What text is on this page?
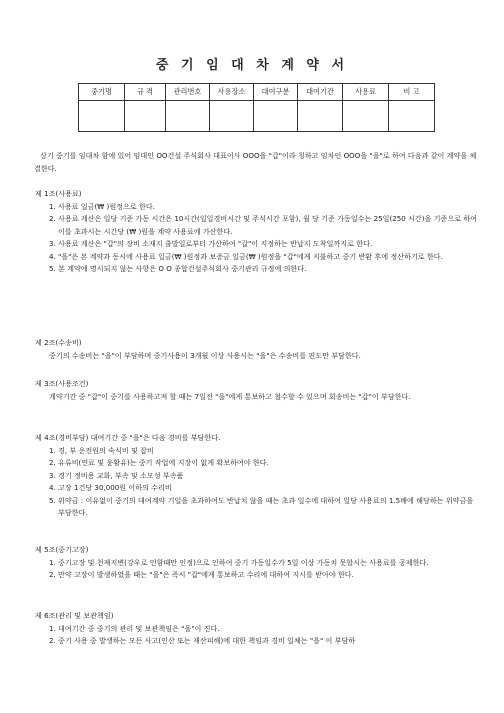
중 기 임 대 차 계 약 서
중기명	규 격	관리번호	사용장소	대여구분	대여기간	사용료	비 고

상기 중기를 임대차 함에 있어 임대인 OO건설 주식회사 대표이사 OOO을 "갑"이라 칭하고 임차인 OOO을 "을"로 하여 다음과 같이 계약을 체결한다.

제 1조(사용료)

1. 사용료 일금(₩ )원정으로 한다.
2. 사용료 계산은 일당 기준 가동 시간은 10시간(일일경비시간 및 주식시간 포함), 월 당 기준 가동일수는 25일(250 시간)을 기준으로 하여 이를 초과시는 시간당 (₩ )원을 계약 사용료에 가산한다.
3. 사용료 계산은 "갑"의 장비 소재지 출발일로부터 가산하여 "갑"이 지정하는 반납지 도착일까지로 한다.
4. "을"은 본 계약과 동시에 사용료 일금(₩ )원정과 보증금 일금(₩ )원정을 "갑"에게 지불하고 중기 반환 후에 정산하기로 한다.
5. 본 계약에 명시되지 않는 사항은 O O 종합건설주식회사 중기관리 규정에 의한다.

제 2조(수송비)

중기의 수송비는 "을"이 부담하며 중기사용이 3개월 이상 사용시는 "을"은 수송비를 편도만 부담한다.

제 3조(사용조건)

계약기간 중 "갑"이 중기를 사용하고져 할 때는 7일전 "을"에게 통보하고 철수할 수 있으며 회송비는 "갑"이 부담한다.

제 4조(경비부담) 대여기간 중 "을"은 다음 경비를 부담한다.

1. 경, 부 운전원의 숙식비 및 잡비
2. 유류비(연료 및 윤활유)는 중기 작업에 지장이 없게 확보하여야 한다.
3. 경기 정비용 교화, 부속 및 소모성 부속품
4. 고장 1건당 30,000원 이하의 수리비
5. 위약금 : 이유없이 중기의 대여계약 기일을 초과하여도 반납치 않을 때는 초과 일수에 대하여 일당 사용료의 1.5배에 해당하는 위약금을 부담한다.

제 5조(중기고장)

1. 중기고장 및 천재지변(강우로 인함때만 인정)으로 인하여 중기 가동일수가 5일 이상 가동치 못할시는 사용료를 공제한다.
2. 만약 고장이 발생하였을 때는 "을"은 즉시 "갑"에게 통보하고 수리에 대하여 지시를 받아야 한다.

제 6조(관리 및 보관책임)

1. 대여기간 중 중기의 관리 및 보관책임은 "을"이 진다.
2. 중기 사용 중 발생하는 모든 사고(인산 또는 재산피해)에 대한 책임과 경비 일체는 "을" 이 부담하
